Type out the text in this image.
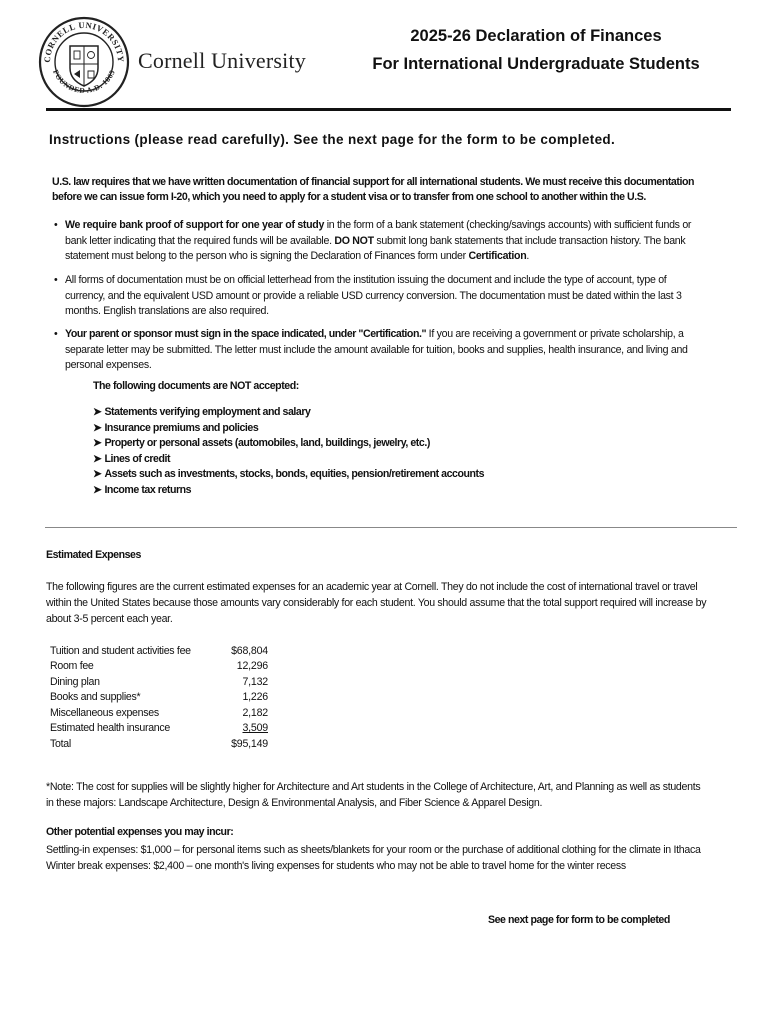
CORNELL UNIVERSITY
FOUNDED A.D. 1865 Cornell University
2025-26 Declaration of Finances
For International Undergraduate Students
Instructions (please read carefully). See the next page for the form to be completed.
U.S. law requires that we have written documentation of financial support for all international students. We must receive this documentation
before we can issue form I-20, which you need to apply for a student visa or to transfer from one school to another within the U.S.
• We require bank proof of support for one year of study in the form of a bank statement (checking/savings accounts) with sufficient funds or
bank letter indicating that the required funds will be available. DO NOT submit long bank statements that include transaction history. The bank
statement must belong to the person who is signing the Declaration of Finances form under Certification.
• All forms of documentation must be on official letterhead from the institution issuing the document and include the type of account, type of
currency, and the equivalent USD amount or provide a reliable USD currency conversion. The documentation must be dated within the last 3
months. English translations are also required.
• Your parent or sponsor must sign in the space indicated, under "Certification." If you are receiving a government or private scholarship, a
separate letter may be submitted. The letter must include the amount available for tuition, books and supplies, health insurance, and living and
personal expenses.
The following documents are NOT accepted:
➤ Statements verifying employment and salary
➤ Insurance premiums and policies
➤ Property or personal assets (automobiles, land, buildings, jewelry, etc.)
➤ Lines of credit
➤ Assets such as investments, stocks, bonds, equities, pension/retirement accounts
➤ Income tax returns
Estimated Expenses
The following figures are the current estimated expenses for an academic year at Cornell. They do not include the cost of international travel or travel
within the United States because those amounts vary considerably for each student. You should assume that the total support required will increase by
about 3-5 percent each year.
Tuition and student activities fee	$68,804
Room fee	12,296
Dining plan	7,132
Books and supplies*	1,226
Miscellaneous expenses	2,182
Estimated health insurance	3,509
Total	$95,149
*Note: The cost for supplies will be slightly higher for Architecture and Art students in the College of Architecture, Art, and Planning as well as students
in these majors: Landscape Architecture, Design & Environmental Analysis, and Fiber Science & Apparel Design.
Other potential expenses you may incur:
Settling-in expenses: $1,000 – for personal items such as sheets/blankets for your room or the purchase of additional clothing for the climate in Ithaca
Winter break expenses: $2,400 – one month's living expenses for students who may not be able to travel home for the winter recess
See next page for form to be completed
